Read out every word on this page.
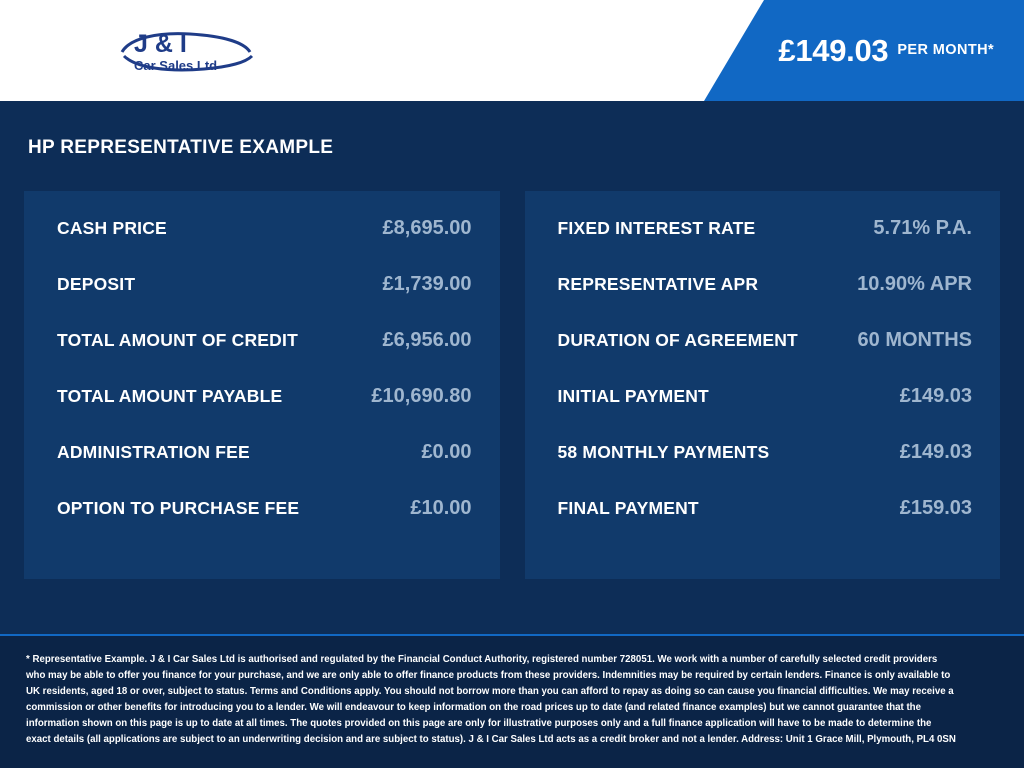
J & I
Car Sales Ltd	£149.03 PER MONTH*
HP REPRESENTATIVE EXAMPLE
CASH PRICE	£8,695.00
DEPOSIT	£1,739.00
TOTAL AMOUNT OF CREDIT	£6,956.00
TOTAL AMOUNT PAYABLE	£10,690.80
ADMINISTRATION FEE	£0.00
OPTION TO PURCHASE FEE	£10.00
FIXED INTEREST RATE	5.71% P.A.
REPRESENTATIVE APR	10.90% APR
DURATION OF AGREEMENT	60 MONTHS
INITIAL PAYMENT	£149.03
58 MONTHLY PAYMENTS	£149.03
FINAL PAYMENT	£159.03

* Representative Example. J & I Car Sales Ltd is authorised and regulated by the Financial Conduct Authority, registered number 728051. We work with a number of carefully selected credit providers who may be able to offer you finance for your purchase, and we are only able to offer finance products from these providers. Indemnities may be required by certain lenders. Finance is only available to UK residents, aged 18 or over, subject to status. Terms and Conditions apply. You should not borrow more than you can afford to repay as doing so can cause you financial difficulties. We may receive a commission or other benefits for introducing you to a lender. We will endeavour to keep information on the road prices up to date (and related finance examples) but we cannot guarantee that the information shown on this page is up to date at all times. The quotes provided on this page are only for illustrative purposes only and a full finance application will have to be made to determine the exact details (all applications are subject to an underwriting decision and are subject to status). J & I Car Sales Ltd acts as a credit broker and not a lender. Address: Unit 1 Grace Mill, Plymouth, PL4 0SN
